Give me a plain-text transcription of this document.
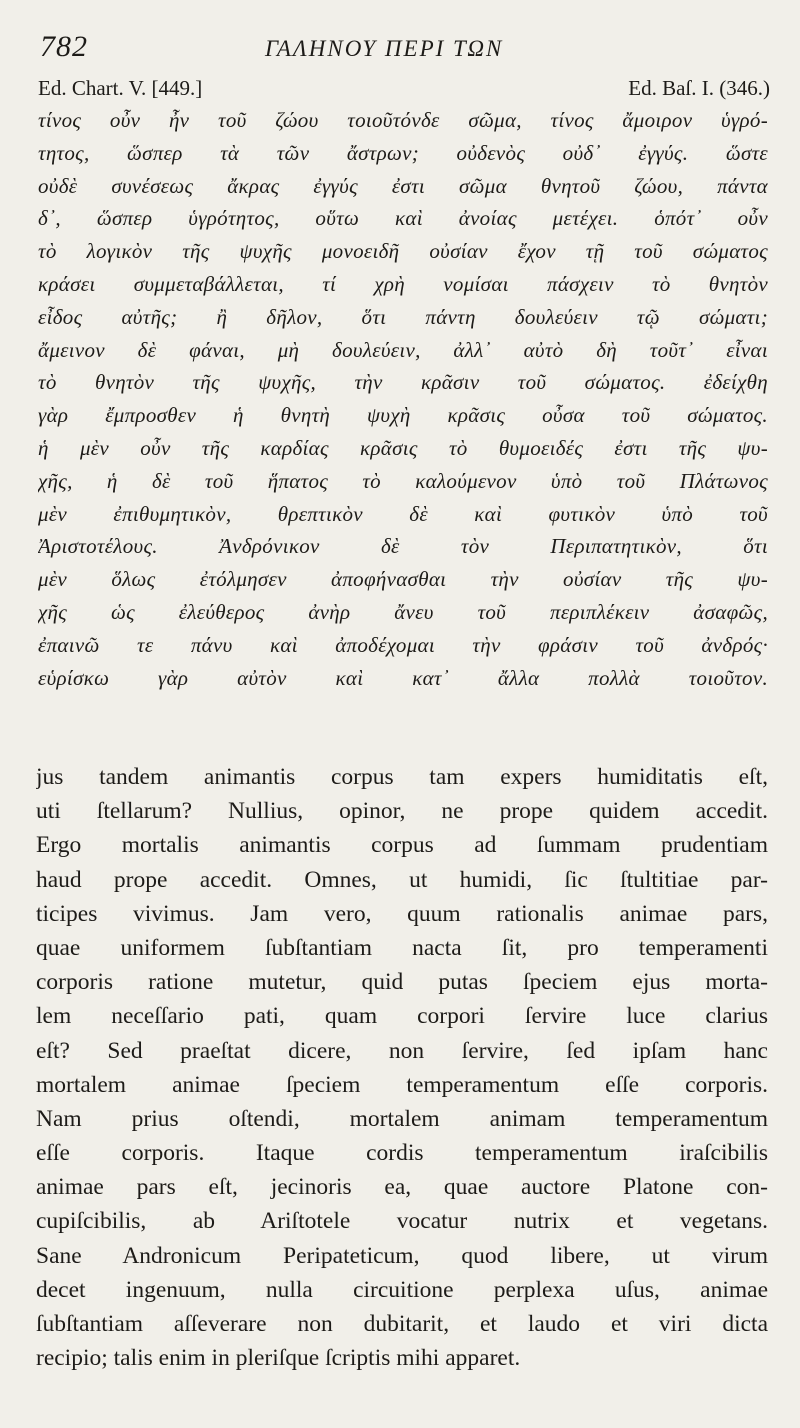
782	ΓΑΛΗΝΟΥ ΠΕΡΙ ΤΩΝ
Ed. Chart. V. [449.]	Ed. Baſ. I. (346.)
τίνος οὖν ἦν τοῦ ζώου τοιοῦτόνδε σῶμα, τίνος ἄμοιρον ὑγρό-
τητος, ὥσπερ τὰ τῶν ἄστρων; οὐδενὸς οὐδ᾽ ἐγγύς. ὥστε
οὐδὲ συνέσεως ἄκρας ἐγγύς ἐστι σῶμα θνητοῦ ζώου, πάντα
δ᾽, ὥσπερ ὑγρότητος, οὕτω καὶ ἀνοίας μετέχει. ὁπότ᾽ οὖν
τὸ λογικὸν τῆς ψυχῆς μονοειδῆ οὐσίαν ἔχον τῇ τοῦ σώματος
κράσει συμμεταβάλλεται, τί χρὴ νομίσαι πάσχειν τὸ θνητὸν
εἶδος αὐτῆς; ἢ δῆλον, ὅτι πάντη δουλεύειν τῷ σώματι;
ἄμεινον δὲ φάναι, μὴ δουλεύειν, ἀλλ᾽ αὐτὸ δὴ τοῦτ᾽ εἶναι
τὸ θνητὸν τῆς ψυχῆς, τὴν κρᾶσιν τοῦ σώματος. ἐδείχθη
γὰρ ἔμπροσθεν ἡ θνητὴ ψυχὴ κρᾶσις οὖσα τοῦ σώματος.
ἡ μὲν οὖν τῆς καρδίας κρᾶσις τὸ θυμοειδές ἐστι τῆς ψυ-
χῆς, ἡ δὲ τοῦ ἥπατος τὸ καλούμενον ὑπὸ τοῦ Πλάτωνος
μὲν ἐπιθυμητικὸν, θρεπτικὸν δὲ καὶ φυτικὸν ὑπὸ τοῦ
Ἀριστοτέλους. Ἀνδρόνικον δὲ τὸν Περιπατητικὸν, ὅτι
μὲν ὅλως ἐτόλμησεν ἀποφήνασθαι τὴν οὐσίαν τῆς ψυ-
χῆς ὡς ἐλεύθερος ἀνὴρ ἄνευ τοῦ περιπλέκειν ἀσαφῶς,
ἐπαινῶ τε πάνυ καὶ ἀποδέχομαι τὴν φράσιν τοῦ ἀνδρός·
εὑρίσκω γὰρ αὐτὸν καὶ κατ᾽ ἄλλα πολλὰ τοιοῦτον.
jus tandem animantis corpus tam expers humiditatis eſt,
uti ſtellarum? Nullius, opinor, ne prope quidem accedit.
Ergo mortalis animantis corpus ad ſummam prudentiam
haud prope accedit. Omnes, ut humidi, ſic ſtultitiae par-
ticipes vivimus. Jam vero, quum rationalis animae pars,
quae uniformem ſubſtantiam nacta ſit, pro temperamenti
corporis ratione mutetur, quid putas ſpeciem ejus morta-
lem neceſſario pati, quam corpori ſervire luce clarius
eſt? Sed praeſtat dicere, non ſervire, ſed ipſam hanc
mortalem animae ſpeciem temperamentum eſſe corporis.
Nam prius oſtendi, mortalem animam temperamentum
eſſe corporis. Itaque cordis temperamentum iraſcibilis
animae pars eſt, jecinoris ea, quae auctore Platone con-
cupiſcibilis, ab Ariſtotele vocatur nutrix et vegetans.
Sane Andronicum Peripateticum, quod libere, ut virum
decet ingenuum, nulla circuitione perplexa uſus, animae
ſubſtantiam aſſeverare non dubitarit, et laudo et viri dicta
recipio; talis enim in pleriſque ſcriptis mihi apparet.
